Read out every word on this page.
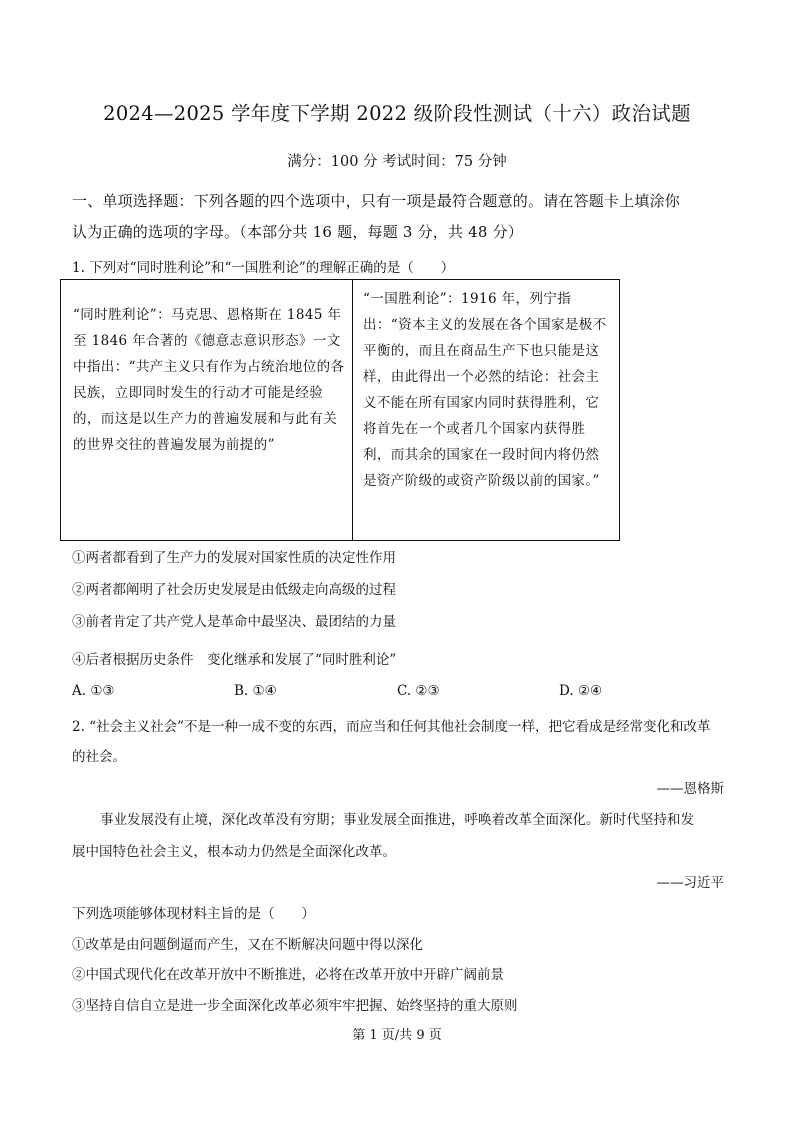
2024—2025 学年度下学期 2022 级阶段性测试（十六）政治试题
满分：100 分 考试时间：75 分钟
一、单项选择题：下列各题的四个选项中，只有一项是最符合题意的。请在答题卡上填涂你
认为正确的选项的字母。（本部分共 16 题，每题 3 分，共 48 分）
1. 下列对“同时胜利论”和“一国胜利论”的理解正确的是（　　）
“同时胜利论”：马克思、恩格斯在 1845 年至 1846 年合著的《德意志意识形态》一文中指出：“共产主义只有作为占统治地位的各民族，立即同时发生的行动才可能是经验的，而这是以生产力的普遍发展和与此有关的世界交往的普遍发展为前提的”

“一国胜利论”：1916 年，列宁指出：“资本主义的发展在各个国家是极不平衡的，而且在商品生产下也只能是这样，由此得出一个必然的结论：社会主义不能在所有国家内同时获得胜利，它将首先在一个或者几个国家内获得胜利，而其余的国家在一段时间内将仍然是资产阶级的或资产阶级以前的国家。”
①两者都看到了生产力的发展对国家性质的决定性作用
②两者都阐明了社会历史发展是由低级走向高级的过程
③前者肯定了共产党人是革命中最坚决、最团结的力量
④后者根据历史条件　变化继承和发展了“同时胜利论”
A. ①③	B. ①④	C. ②③	D. ②④
2. “社会主义社会”不是一种一成不变的东西，而应当和任何其他社会制度一样，把它看成是经常变化和改革
的社会。
——恩格斯
事业发展没有止境，深化改革没有穷期；事业发展全面推进，呼唤着改革全面深化。新时代坚持和发
展中国特色社会主义，根本动力仍然是全面深化改革。
——习近平
下列选项能够体现材料主旨的是（　　）
①改革是由问题倒逼而产生，又在不断解决问题中得以深化
②中国式现代化在改革开放中不断推进，必将在改革开放中开辟广阔前景
③坚持自信自立是进一步全面深化改革必须牢牢把握、始终坚持的重大原则
第 1 页/共 9 页
